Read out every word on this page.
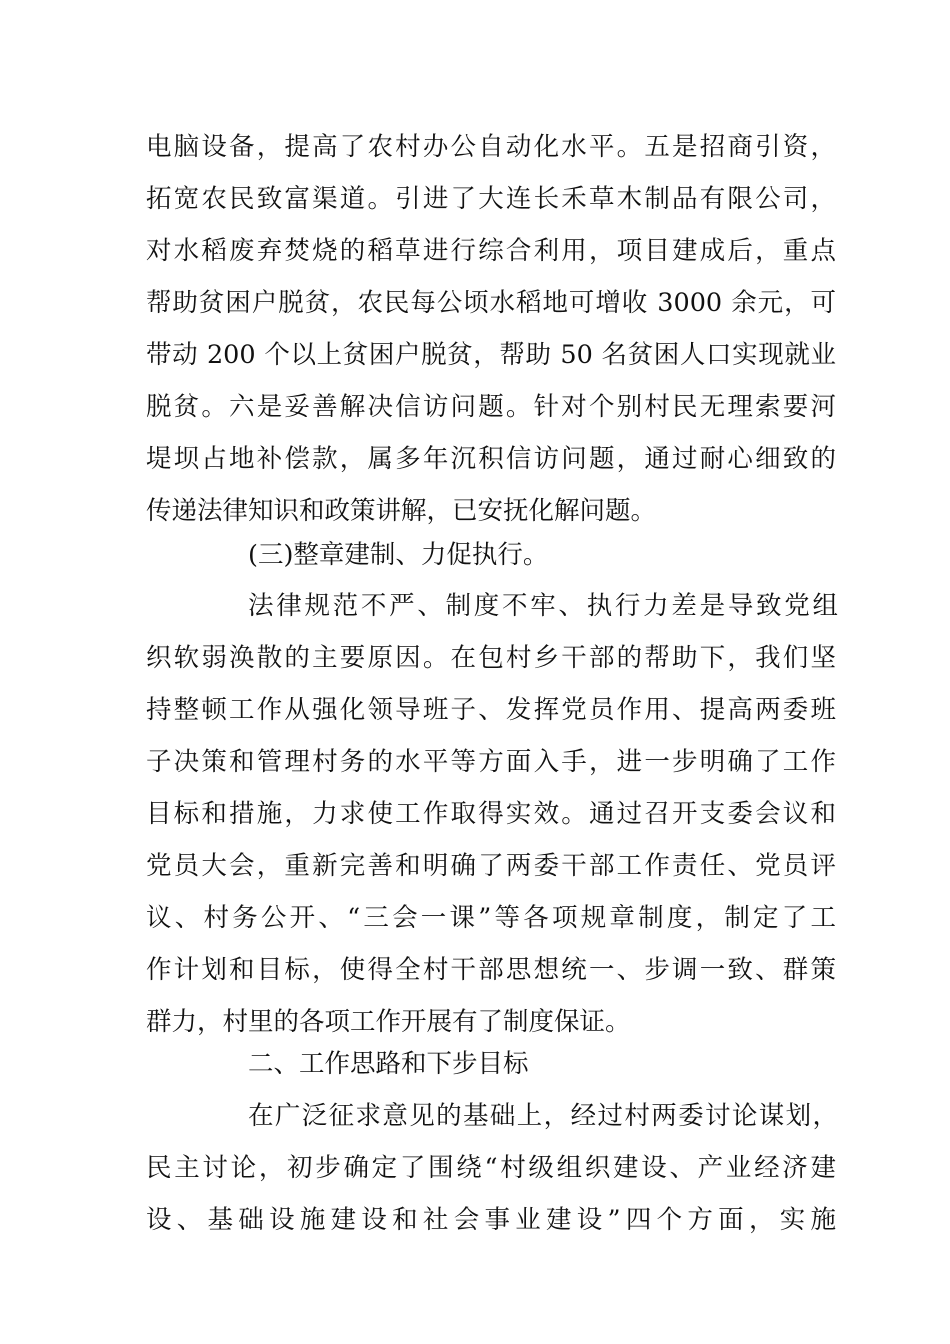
电脑设备，提高了农村办公自动化水平。五是招商引资，
拓宽农民致富渠道。引进了大连长禾草木制品有限公司，
对水稻废弃焚烧的稻草进行综合利用，项目建成后，重点
帮助贫困户脱贫，农民每公顷水稻地可增收 3000 余元，可
带动 200 个以上贫困户脱贫，帮助 50 名贫困人口实现就业
脱贫。六是妥善解决信访问题。针对个别村民无理索要河
堤坝占地补偿款，属多年沉积信访问题，通过耐心细致的
传递法律知识和政策讲解，已安抚化解问题。
(三)整章建制、力促执行。
法律规范不严、制度不牢、执行力差是导致党组
织软弱涣散的主要原因。在包村乡干部的帮助下，我们坚
持整顿工作从强化领导班子、发挥党员作用、提高两委班
子决策和管理村务的水平等方面入手，进一步明确了工作
目标和措施，力求使工作取得实效。通过召开支委会议和
党员大会，重新完善和明确了两委干部工作责任、党员评
议、村务公开、“三会一课”等各项规章制度，制定了工
作计划和目标，使得全村干部思想统一、步调一致、群策
群力，村里的各项工作开展有了制度保证。
二、工作思路和下步目标
在广泛征求意见的基础上，经过村两委讨论谋划，
民主讨论，初步确定了围绕“村级组织建设、产业经济建
设、基础设施建设和社会事业建设”四个方面，实施
